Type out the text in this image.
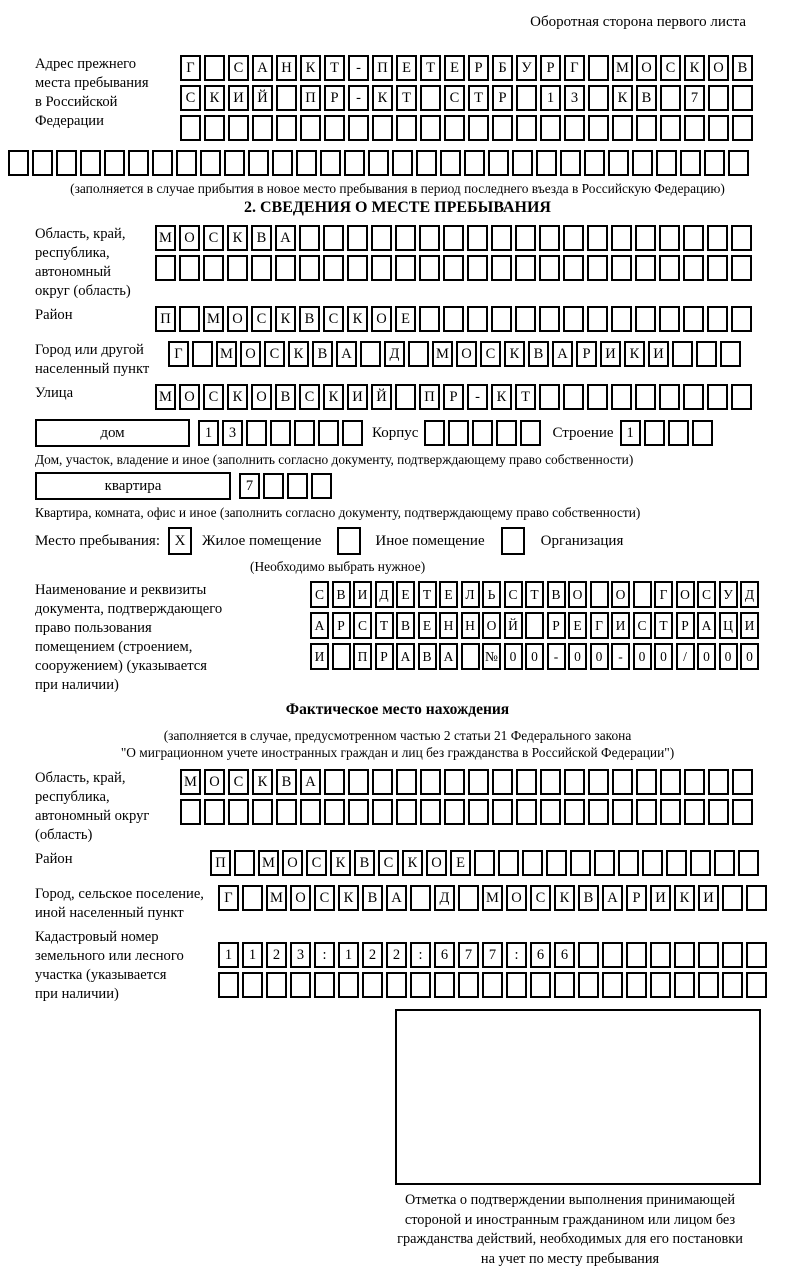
Оборотная сторона первого листа
Адрес прежнего
места пребывания
в Российской
Федерации
Г	С А Н К	Т	-	П Е	Т	Е	Р	Б	У	Р	Г	М О С К О В
С К И Й	П	Р	-	К	Т	С	Т	Р	1	3	К В	7
(заполняется в случае прибытия в новое место пребывания в период последнего въезда в Российскую Федерацию)
2. СВЕДЕНИЯ О МЕСТЕ ПРЕБЫВАНИЯ
Область, край,
республика,
автономный
округ (область)
М О С К В А
Район	П	М О С К В С К О Е
Город или другой
населенный пункт
Г	М О С К В А	Д	М О С К В А	Р	И К И
Улица	М О С К О В С К И Й	П	Р	-	К	Т
дом	1	3	Корпус	Строение 1
Дом, участок, владение и иное (заполнить согласно документу, подтверждающему право собственности)
квартира	7
Квартира, комната, офис и иное (заполнить согласно документу, подтверждающему право собственности)
Место пребывания: X	Жилое помещение	Иное помещение	Организация
(Необходимо выбрать нужное)
Наименование и реквизиты
документа, подтверждающего
право пользования
помещением (строением,
сооружением) (указывается
при наличии)
С В И Д Е Т Е Л Ь С Т В О	О	Г О С У Д
А Р С Т В Е Н Н О Й	Р	Е Г И С Т	Р А Ц И
И	П Р А В А	№ 0	0	-	0	0	-	0	0	/	0	0	0
Фактическое место нахождения
(заполняется в случае, предусмотренном частью 2 статьи 21 Федерального закона
"О миграционном учете иностранных граждан и лиц без гражданства в Российской Федерации")
Область, край,
республика,
автономный округ
(область)
М О С К В А
Район	П	М О С К В С К О Е
Город, сельское поселение,
иной населенный пункт
Г	М О С К В А	Д	М О С К В А	Р	И К И
Кадастровый номер
земельного или лесного
участка (указывается
при наличии)
1	1	2	3	:	1	2	2	:	6	7	7	:	6	6
Отметка о подтверждении выполнения принимающей
стороной и иностранным гражданином или лицом без
гражданства действий, необходимых для его постановки
на учет по месту пребывания
